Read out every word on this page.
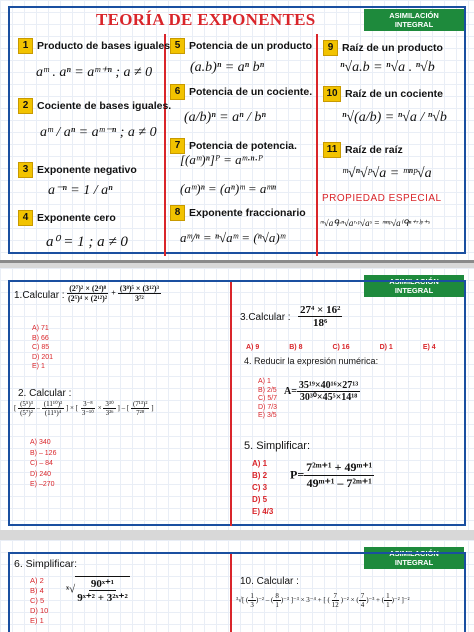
TEORÍA DE EXPONENTES	ASIMILACIÓN INTEGRAL
1 Producto de bases iguales
aᵐ . aⁿ = aᵐ⁺ⁿ ; a ≠ 0
2 Cociente de bases iguales.
aᵐ / aⁿ = aᵐ⁻ⁿ ; a ≠ 0
3 Exponente negativo
a⁻ⁿ = 1 / aⁿ
4 Exponente cero
a⁰ = 1 ; a ≠ 0
5 Potencia de un producto
(a.b)ⁿ = aⁿ bⁿ
6 Potencia de un cociente.
(a/b)ⁿ = aⁿ / bⁿ
7 Potencia de potencia.
[(aᵐ)ⁿ]ᴾ = aᵐ·ⁿ·ᴾ
(aᵐ)ⁿ = (aⁿ)ᵐ = aᵐⁿ
8 Exponente fraccionario
aᵐ/ⁿ = ⁿ√aᵐ = (ⁿ√a)ᵐ
9 Raíz de un producto
ⁿ√a.b = ⁿ√a . ⁿ√b
10 Raíz de un cociente
ⁿ√(a/b) = ⁿ√a / ⁿ√b
11 Raíz de raíz
ᵐ√ⁿ√ᵖ√a = ᵐⁿᵖ√a
PROPIEDAD ESPECIAL
ᵐ√aᑫ·ⁿ√aʳ·ᵖ√aˢ = ᵐⁿᵖ√a⁽ᑫⁿ⁺ʳ⁾ᵖ⁺ˢ
ASIMILACIÓN INTEGRAL
1.Calcular : $\frac{\text{(2⁷)² × (2⁴)⁸}}{\text{(2⁵)⁴ × (2¹²)²}} + \frac{\text{(3⁸)⁵ × (3¹²)³}}{\text{3⁷²}}$
A) 71
B) 66
C) 85
D) 201
E) 1
2. Calcular :
[ $\frac{\text{(5⁵)³}}{\text{(5⁷)²}} - \frac{\text{(11¹⁰)²}}{\text{(11⁵)⁴}}$ ] × [ $\frac{\text{3⁻⁸}}{\text{3⁻¹⁰}} \times \frac{\text{3³⁰}}{\text{3²⁶}}$ ] – [ $\frac{\text{(7¹³)²}}{\text{7²⁸}}$ ]
A) 340
B) – 126
C) – 84
D) 240
E) –270
3.Calcular : $\frac{\text{27⁴ × 16²}}{\text{18⁶}}$
A) 9	B) 8	C) 16	D) 1	E) 4
4. Reducir la expresión numérica:
A) 1
B) 2/5
C) 5/7
D) 7/3
E) 3/5
$A= \frac{\text{35¹⁹×40¹⁶×27¹³}}{\text{30³⁰×45⁵×14¹⁸}}$
5. Simplificar:
A) 1
B) 2
C) 3
D) 5
E) 4/3
$P= \frac{\text{7²ᵐ⁺¹ + 49ᵐ⁺¹}}{\text{49ᵐ⁺¹ – 7²ᵐ⁺¹}}$
ASIMILACIÓN INTEGRAL
6. Simplificar:
A) 2
B) 4
C) 5
D) 10
E) 1
ˣ√ $\frac{\text{90ˣ⁺¹}}{\text{9ˣ⁺² + 3²ˣ⁺²}}$	10. Calcular :
³√[ ( $\frac{1}{3} )^{-2}$ – ( $\frac{8}{1} )^{-3}$ ]⁻³ × 3⁻⁴ + [ ( $\frac{7}{12} )^{-2}$ × ( $\frac{7}{4} )^{-3}$ + ( $\frac{1}{1} )^{-2}$ ]⁻²
